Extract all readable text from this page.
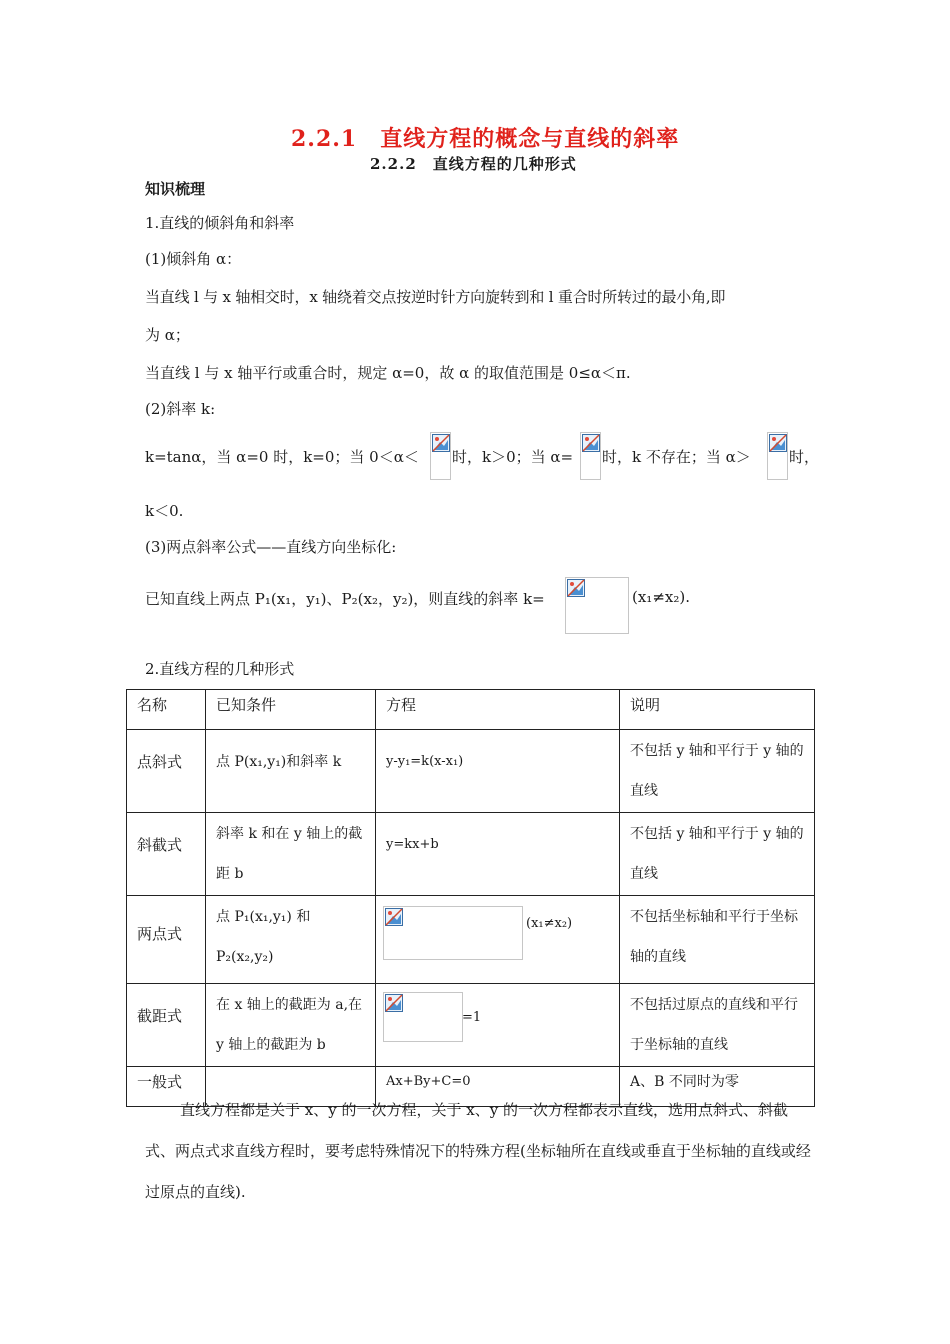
2.2.1　直线方程的概念与直线的斜率
2.2.2　直线方程的几种形式
知识梳理
1.直线的倾斜角和斜率
(1)倾斜角 α：
当直线 l 与 x 轴相交时，x 轴绕着交点按逆时针方向旋转到和 l 重合时所转过的最小角,即
为 α；
当直线 l 与 x 轴平行或重合时，规定 α=0，故 α 的取值范围是 0≤α＜π.
(2)斜率 k:
k=tanα，当 α=0 时，k=0；当 0＜α＜ 时，k＞0；当 α= 时，k 不存在；当 α＞	时，
k＜0.
(3)两点斜率公式——直线方向坐标化:
已知直线上两点 P₁(x₁，y₁)、P₂(x₂，y₂)，则直线的斜率 k=	(x₁≠x₂).
2.直线方程的几种形式
名称	已知条件	方程	说明

点斜式	点 P(x₁,y₁)和斜率 k	y-y₁=k(x-x₁)	不包括 y 轴和平行于 y 轴的直线

斜截式	斜率 k 和在 y 轴上的截距 b	y=kx+b	不包括 y 轴和平行于 y 轴的直线

两点式	点 P₁(x₁,y₁) 和 P₂(x₂,y₂)	(x₁≠x₂)	不包括坐标轴和平行于坐标轴的直线

截距式	在 x 轴上的截距为 a,在 y 轴上的截距为 b	=1	不包括过原点的直线和平行于坐标轴的直线

一般式		Ax+By+C=0	A、B 不同时为零
直线方程都是关于 x、y 的一次方程，关于 x、y 的一次方程都表示直线，选用点斜式、斜截式、两点式求直线方程时，要考虑特殊情况下的特殊方程(坐标轴所在直线或垂直于坐标轴的直线或经过原点的直线).
